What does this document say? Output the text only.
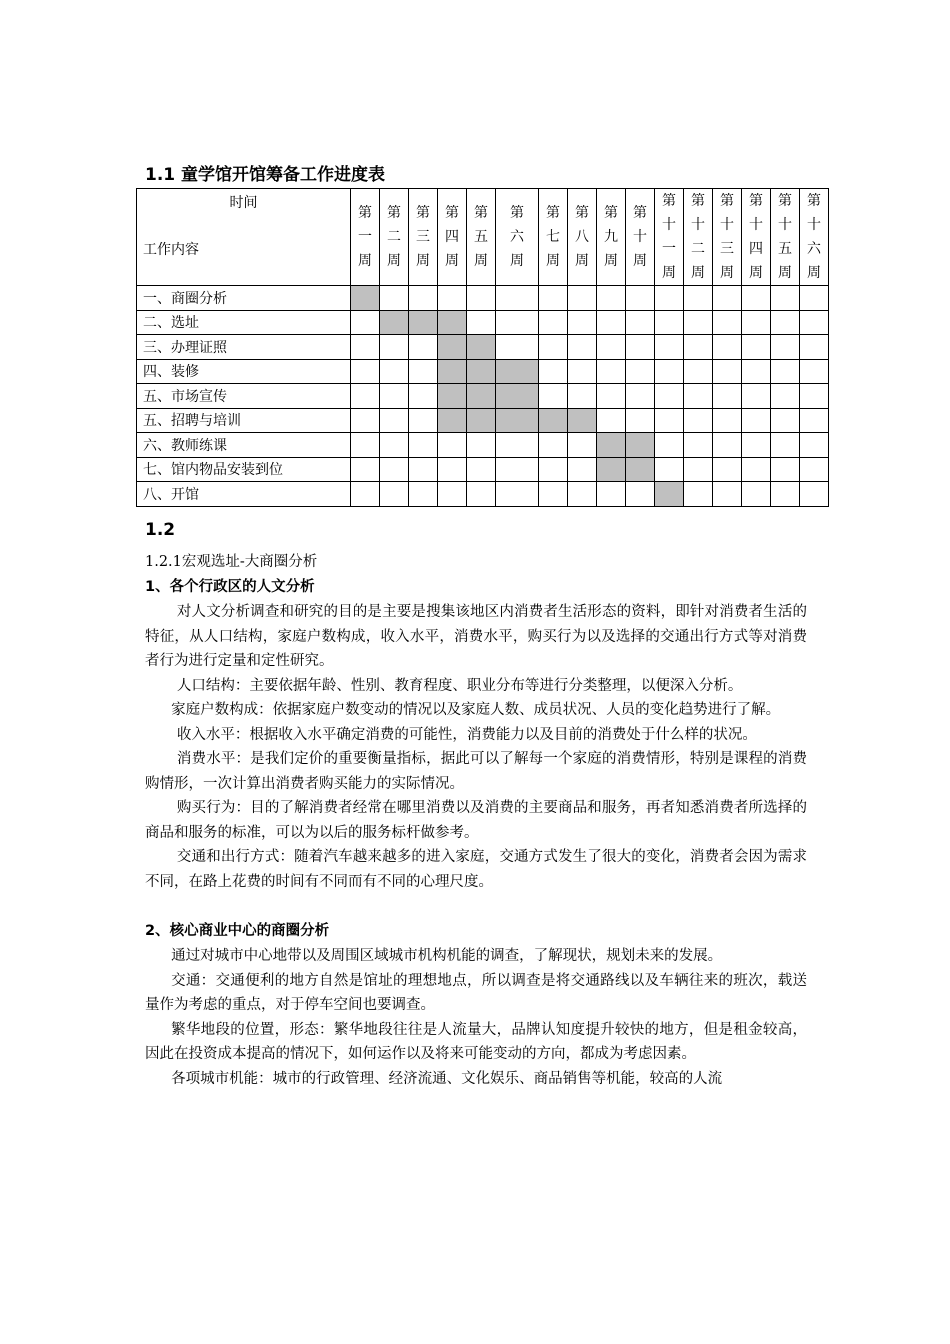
1.1 童学馆开馆筹备工作进度表
时间
工作内容	第一周	第二周	第三周	第四周	第五周	第六周	第七周	第八周	第九周	第十周	第十一周	第十二周	第十三周	第十四周	第十五周	第十六周
一、商圈分析																
二、选址																
三、办理证照																
四、装修																
五、市场宣传																
五、招聘与培训																
六、教师练课																
七、馆内物品安装到位																
八、开馆																
1.2
1.2.1宏观选址-大商圈分析
1、各个行政区的人文分析

对人文分析调查和研究的目的是主要是搜集该地区内消费者生活形态的资料，即针对消费者生活的特征，从人口结构，家庭户数构成，收入水平，消费水平，购买行为以及选择的交通出行方式等对消费者行为进行定量和定性研究。

人口结构：主要依据年龄、性别、教育程度、职业分布等进行分类整理，以便深入分析。

家庭户数构成：依据家庭户数变动的情况以及家庭人数、成员状况、人员的变化趋势进行了解。

收入水平：根据收入水平确定消费的可能性，消费能力以及目前的消费处于什么样的状况。

消费水平：是我们定价的重要衡量指标，据此可以了解每一个家庭的消费情形，特别是课程的消费购情形，一次计算出消费者购买能力的实际情况。

购买行为：目的了解消费者经常在哪里消费以及消费的主要商品和服务，再者知悉消费者所选择的商品和服务的标准，可以为以后的服务标杆做参考。

交通和出行方式：随着汽车越来越多的进入家庭，交通方式发生了很大的变化，消费者会因为需求不同，在路上花费的时间有不同而有不同的心理尺度。

2、核心商业中心的商圈分析

通过对城市中心地带以及周围区域城市机构机能的调查，了解现状，规划未来的发展。

交通：交通便利的地方自然是馆址的理想地点，所以调查是将交通路线以及车辆往来的班次，载送量作为考虑的重点，对于停车空间也要调查。

繁华地段的位置，形态：繁华地段往往是人流量大，品牌认知度提升较快的地方，但是租金较高，因此在投资成本提高的情况下，如何运作以及将来可能变动的方向，都成为考虑因素。

各项城市机能：城市的行政管理、经济流通、文化娱乐、商品销售等机能，较高的人流
